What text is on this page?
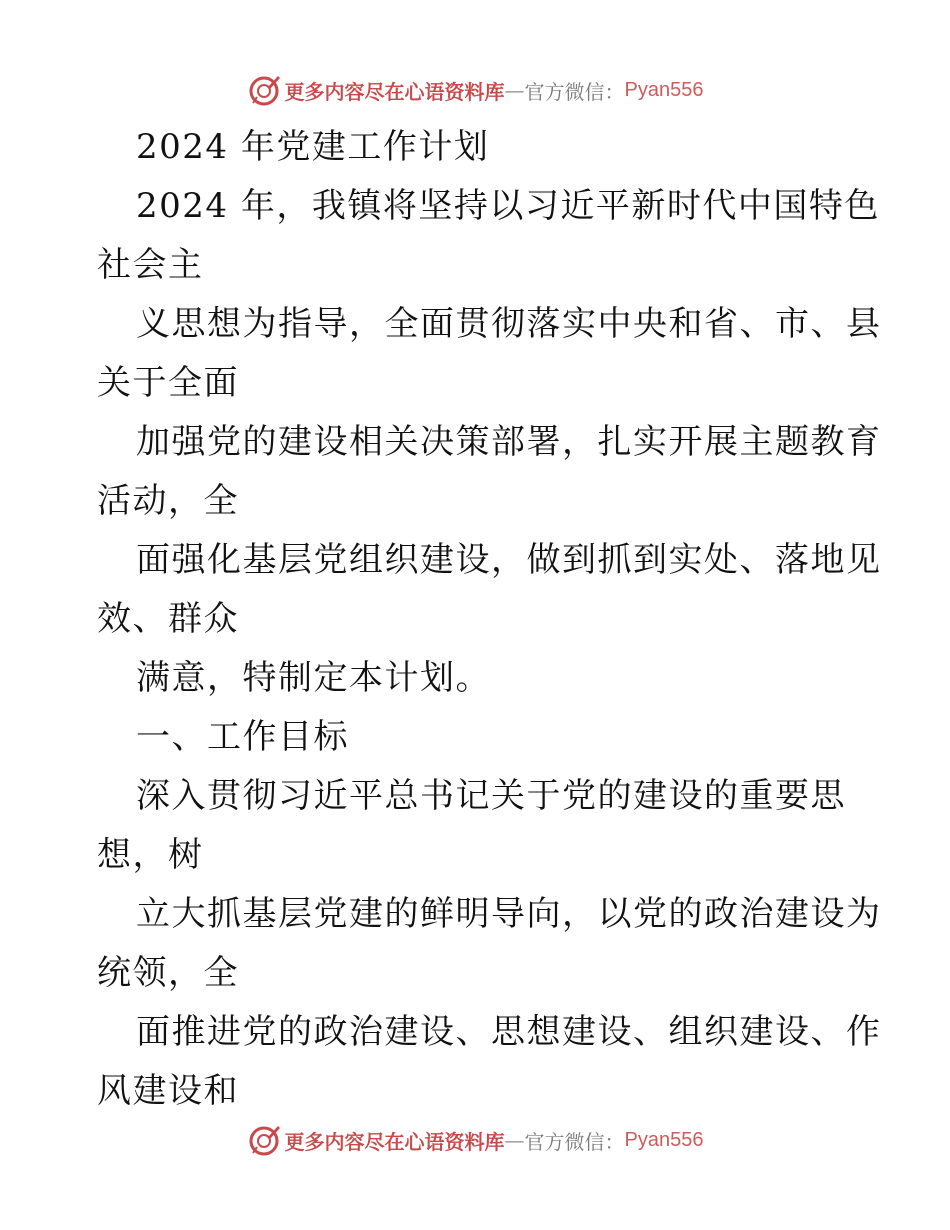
更多内容尽在心语资料库 — 官方微信： Pyan556
2024 年党建工作计划
2024 年，我镇将坚持以习近平新时代中国特色
社会主
义思想为指导，全面贯彻落实中央和省、市、县
关于全面
加强党的建设相关决策部署，扎实开展主题教育
活动，全
面强化基层党组织建设，做到抓到实处、落地见
效、群众
满意，特制定本计划。
一、工作目标
深入贯彻习近平总书记关于党的建设的重要思
想，树
立大抓基层党建的鲜明导向，以党的政治建设为
统领，全
面推进党的政治建设、思想建设、组织建设、作
风建设和
更多内容尽在心语资料库 — 官方微信： Pyan556
